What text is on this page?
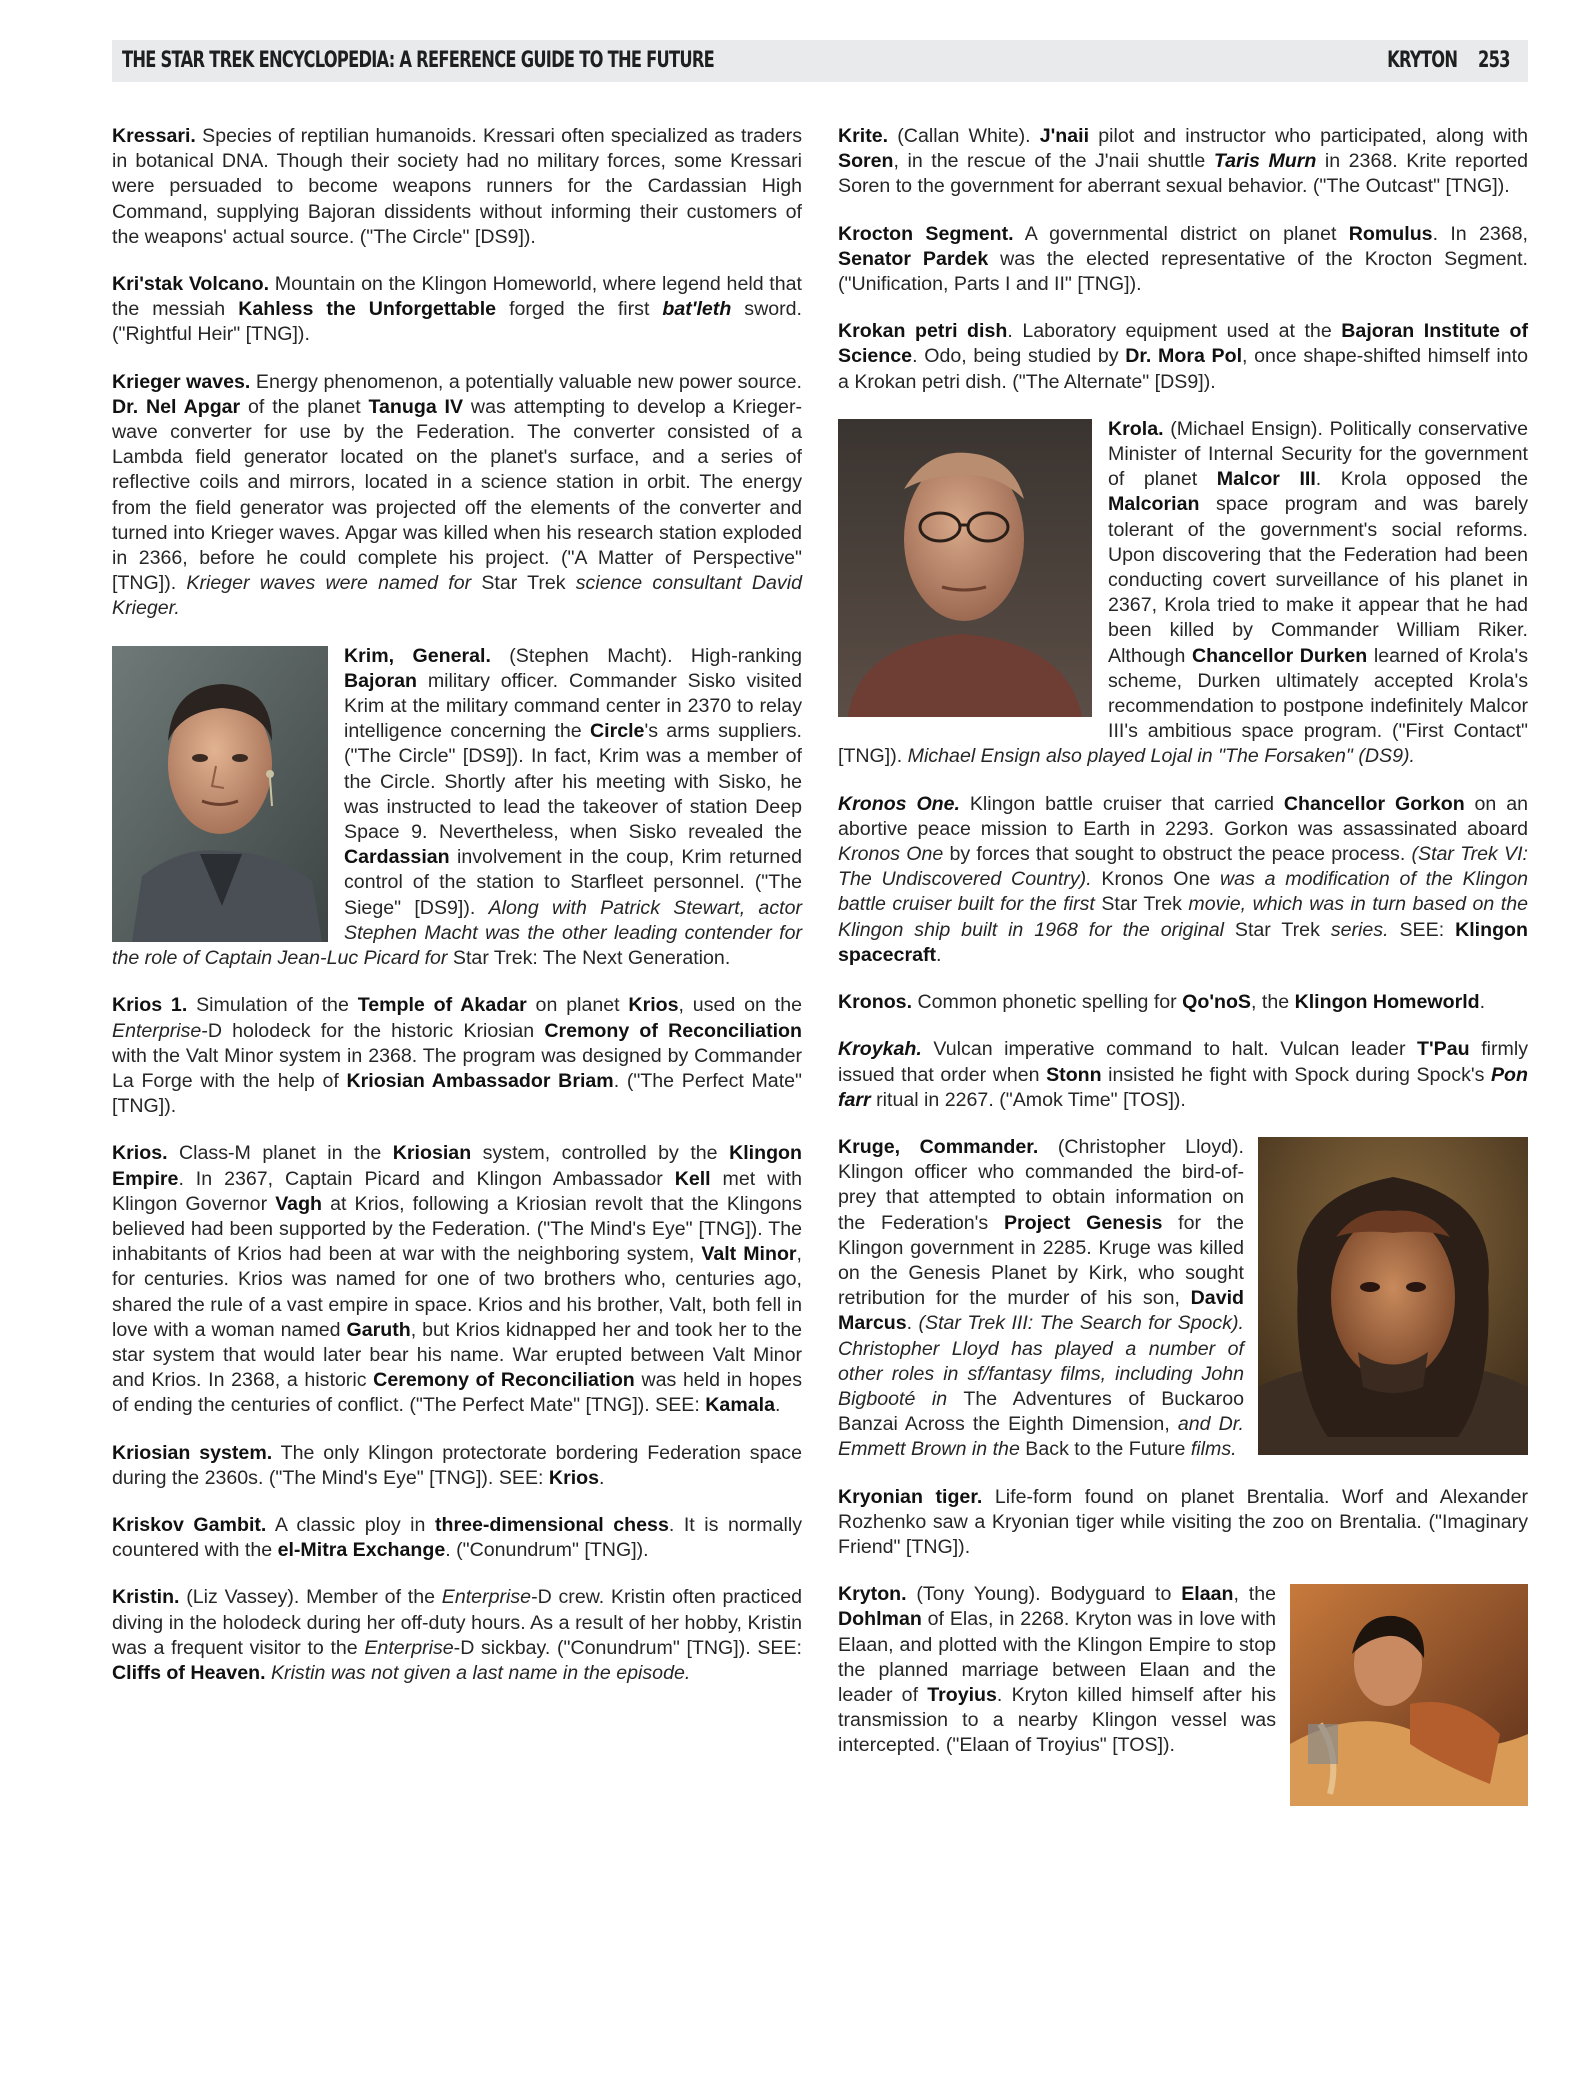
THE STAR TREK ENCYCLOPEDIA: A REFERENCE GUIDE TO THE FUTURE	KRYTON 253

Kressari. Species of reptilian humanoids. Kressari often specialized as traders in botanical DNA. Though their society had no military forces, some Kressari were persuaded to become weapons runners for the Cardassian High Command, supplying Bajoran dissidents without informing their customers of the weapons' actual source. ("The Circle" [DS9]).

Kri'stak Volcano. Mountain on the Klingon Homeworld, where legend held that the messiah Kahless the Unforgettable forged the first bat'leth sword. ("Rightful Heir" [TNG]).

Krieger waves. Energy phenomenon, a potentially valuable new power source. Dr. Nel Apgar of the planet Tanuga IV was attempting to develop a Krieger-wave converter for use by the Federation. The converter consisted of a Lambda field generator located on the planet's surface, and a series of reflective coils and mirrors, located in a science station in orbit. The energy from the field generator was projected off the elements of the converter and turned into Krieger waves. Apgar was killed when his research station exploded in 2366, before he could complete his project. ("A Matter of Perspective" [TNG]). Krieger waves were named for Star Trek science consultant David Krieger.

Krim, General. (Stephen Macht). High-ranking Bajoran military officer. Commander Sisko visited Krim at the military command center in 2370 to relay intelligence concerning the Circle's arms suppliers. ("The Circle" [DS9]). In fact, Krim was a member of the Circle. Shortly after his meeting with Sisko, he was instructed to lead the takeover of station Deep Space 9. Nevertheless, when Sisko revealed the Cardassian involvement in the coup, Krim returned control of the station to Starfleet personnel. ("The Siege" [DS9]). Along with Patrick Stewart, actor Stephen Macht was the other leading contender for the role of Captain Jean-Luc Picard for Star Trek: The Next Generation.

Krios 1. Simulation of the Temple of Akadar on planet Krios, used on the Enterprise-D holodeck for the historic Kriosian Cremony of Reconciliation with the Valt Minor system in 2368. The program was designed by Commander La Forge with the help of Kriosian Ambassador Briam. ("The Perfect Mate" [TNG]).

Krios. Class-M planet in the Kriosian system, controlled by the Klingon Empire. In 2367, Captain Picard and Klingon Ambassador Kell met with Klingon Governor Vagh at Krios, following a Kriosian revolt that the Klingons believed had been supported by the Federation. ("The Mind's Eye" [TNG]). The inhabitants of Krios had been at war with the neighboring system, Valt Minor, for centuries. Krios was named for one of two brothers who, centuries ago, shared the rule of a vast empire in space. Krios and his brother, Valt, both fell in love with a woman named Garuth, but Krios kidnapped her and took her to the star system that would later bear his name. War erupted between Valt Minor and Krios. In 2368, a historic Ceremony of Reconciliation was held in hopes of ending the centuries of conflict. ("The Perfect Mate" [TNG]). SEE: Kamala.

Kriosian system. The only Klingon protectorate bordering Federation space during the 2360s. ("The Mind's Eye" [TNG]). SEE: Krios.

Kriskov Gambit. A classic ploy in three-dimensional chess. It is normally countered with the el-Mitra Exchange. ("Conundrum" [TNG]).

Kristin. (Liz Vassey). Member of the Enterprise-D crew. Kristin often practiced diving in the holodeck during her off-duty hours. As a result of her hobby, Kristin was a frequent visitor to the Enterprise-D sickbay. ("Conundrum" [TNG]). SEE: Cliffs of Heaven. Kristin was not given a last name in the episode.

Krite. (Callan White). J'naii pilot and instructor who participated, along with Soren, in the rescue of the J'naii shuttle Taris Murn in 2368. Krite reported Soren to the government for aberrant sexual behavior. ("The Outcast" [TNG]).

Krocton Segment. A governmental district on planet Romulus. In 2368, Senator Pardek was the elected representative of the Krocton Segment. ("Unification, Parts I and II" [TNG]).

Krokan petri dish. Laboratory equipment used at the Bajoran Institute of Science. Odo, being studied by Dr. Mora Pol, once shape-shifted himself into a Krokan petri dish. ("The Alternate" [DS9]).

Krola. (Michael Ensign). Politically conservative Minister of Internal Security for the government of planet Malcor III. Krola opposed the Malcorian space program and was barely tolerant of the government's social reforms. Upon discovering that the Federation had been conducting covert surveillance of his planet in 2367, Krola tried to make it appear that he had been killed by Commander William Riker. Although Chancellor Durken learned of Krola's scheme, Durken ultimately accepted Krola's recommendation to postpone indefinitely Malcor III's ambitious space program. ("First Contact" [TNG]). Michael Ensign also played Lojal in "The Forsaken" (DS9).

Kronos One. Klingon battle cruiser that carried Chancellor Gorkon on an abortive peace mission to Earth in 2293. Gorkon was assassinated aboard Kronos One by forces that sought to obstruct the peace process. (Star Trek VI: The Undiscovered Country). Kronos One was a modification of the Klingon battle cruiser built for the first Star Trek movie, which was in turn based on the Klingon ship built in 1968 for the original Star Trek series. SEE: Klingon spacecraft.

Kronos. Common phonetic spelling for Qo'noS, the Klingon Homeworld.

Kroykah. Vulcan imperative command to halt. Vulcan leader T'Pau firmly issued that order when Stonn insisted he fight with Spock during Spock's Pon farr ritual in 2267. ("Amok Time" [TOS]).

Kruge, Commander. (Christopher Lloyd). Klingon officer who commanded the bird-of-prey that attempted to obtain information on the Federation's Project Genesis for the Klingon government in 2285. Kruge was killed on the Genesis Planet by Kirk, who sought retribution for the murder of his son, David Marcus. (Star Trek III: The Search for Spock). Christopher Lloyd has played a number of other roles in sf/fantasy films, including John Bigbooté in The Adventures of Buckaroo Banzai Across the Eighth Dimension, and Dr. Emmett Brown in the Back to the Future films.

Kryonian tiger. Life-form found on planet Brentalia. Worf and Alexander Rozhenko saw a Kryonian tiger while visiting the zoo on Brentalia. ("Imaginary Friend" [TNG]).

Kryton. (Tony Young). Bodyguard to Elaan, the Dohlman of Elas, in 2268. Kryton was in love with Elaan, and plotted with the Klingon Empire to stop the planned marriage between Elaan and the leader of Troyius. Kryton killed himself after his transmission to a nearby Klingon vessel was intercepted. ("Elaan of Troyius" [TOS]).
